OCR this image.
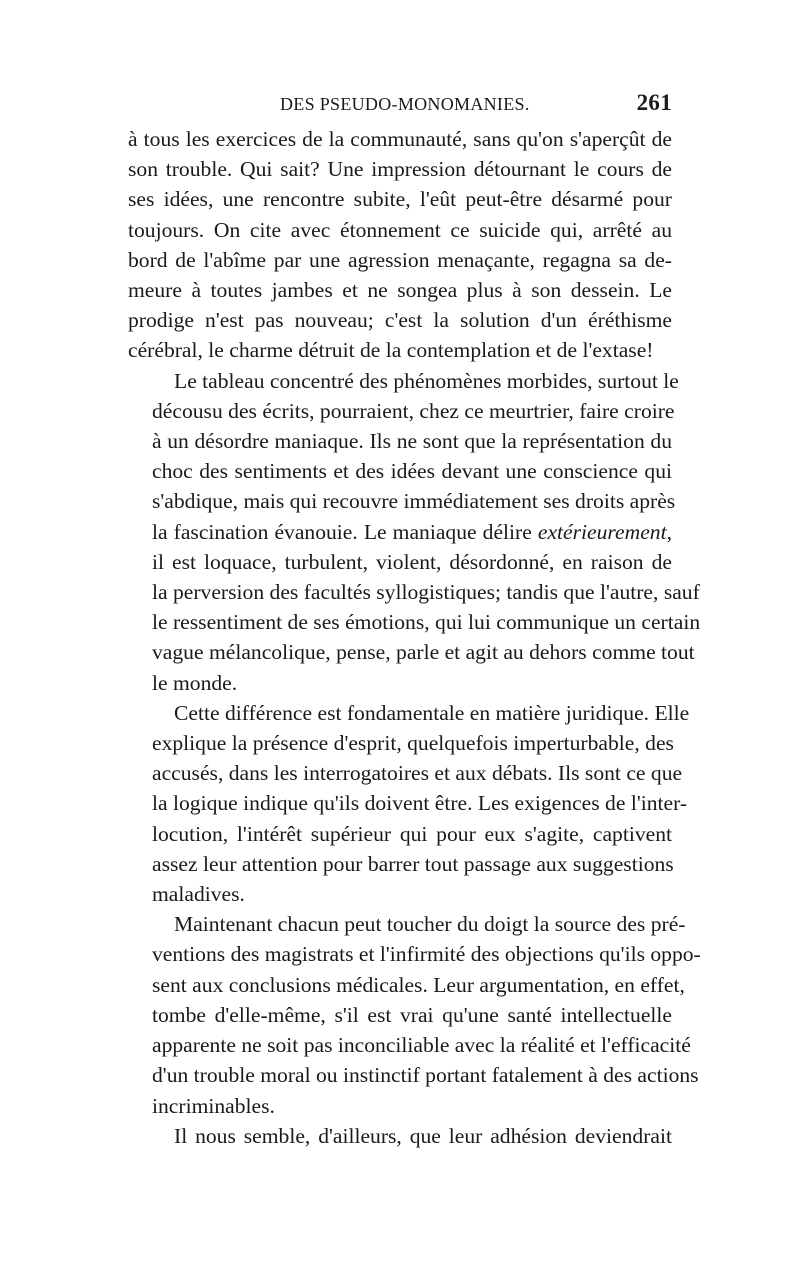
DES PSEUDO-MONOMANIES.	261

à tous les exercices de la communauté, sans qu'on s'aperçût de
son trouble. Qui sait? Une impression détournant le cours de
ses idées, une rencontre subite, l'eût peut-être désarmé pour
toujours. On cite avec étonnement ce suicide qui, arrêté au
bord de l'abîme par une agression menaçante, regagna sa de-
meure à toutes jambes et ne songea plus à son dessein. Le
prodige n'est pas nouveau; c'est la solution d'un éréthisme
cérébral, le charme détruit de la contemplation et de l'extase!

Le tableau concentré des phénomènes morbides, surtout le
décousu des écrits, pourraient, chez ce meurtrier, faire croire
à un désordre maniaque. Ils ne sont que la représentation du
choc des sentiments et des idées devant une conscience qui
s'abdique, mais qui recouvre immédiatement ses droits après
la fascination évanouie. Le maniaque délire extérieurement,
il est loquace, turbulent, violent, désordonné, en raison de
la perversion des facultés syllogistiques; tandis que l'autre, sauf
le ressentiment de ses émotions, qui lui communique un certain
vague mélancolique, pense, parle et agit au dehors comme tout
le monde.

Cette différence est fondamentale en matière juridique. Elle
explique la présence d'esprit, quelquefois imperturbable, des
accusés, dans les interrogatoires et aux débats. Ils sont ce que
la logique indique qu'ils doivent être. Les exigences de l'inter-
locution, l'intérêt supérieur qui pour eux s'agite, captivent
assez leur attention pour barrer tout passage aux suggestions
maladives.

Maintenant chacun peut toucher du doigt la source des pré-
ventions des magistrats et l'infirmité des objections qu'ils oppo-
sent aux conclusions médicales. Leur argumentation, en effet,
tombe d'elle-même, s'il est vrai qu'une santé intellectuelle
apparente ne soit pas inconciliable avec la réalité et l'efficacité
d'un trouble moral ou instinctif portant fatalement à des actions
incriminables.

Il nous semble, d'ailleurs, que leur adhésion deviendrait
